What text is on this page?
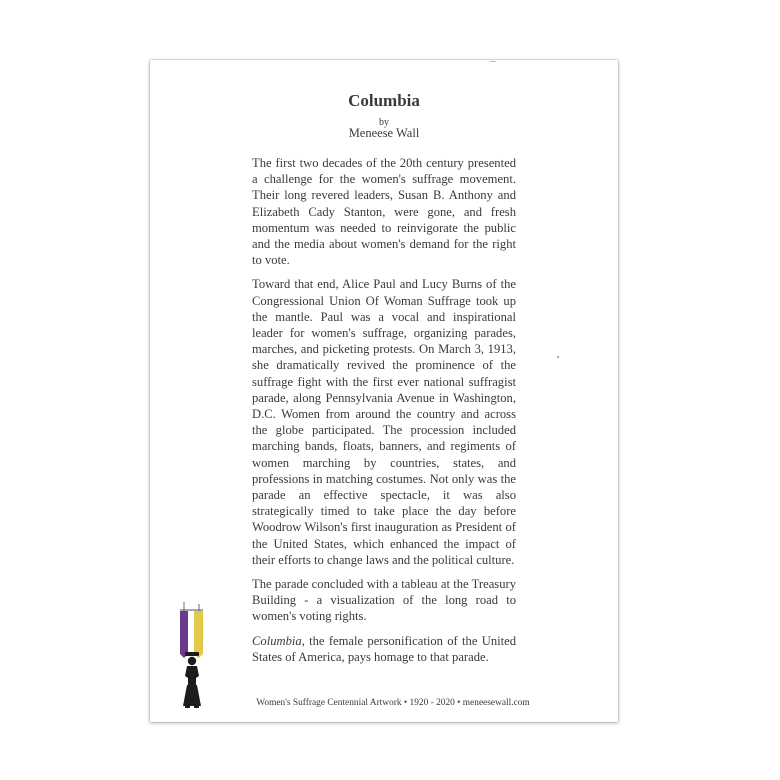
Columbia
by
Meneese Wall

The first two decades of the 20th century presented a challenge for the women's suffrage movement. Their long revered leaders, Susan B. Anthony and Elizabeth Cady Stanton, were gone, and fresh momentum was needed to reinvigorate the public and the media about women's demand for the right to vote.

Toward that end, Alice Paul and Lucy Burns of the Congressional Union Of Woman Suffrage took up the mantle. Paul was a vocal and inspirational leader for women's suffrage, organizing parades, marches, and picketing protests. On March 3, 1913, she dramatically revived the prominence of the suffrage fight with the first ever national suffragist parade, along Pennsylvania Avenue in Washington, D.C. Women from around the country and across the globe participated. The procession included marching bands, floats, banners, and regiments of women marching by countries, states, and professions in matching costumes. Not only was the parade an effective spectacle, it was also strategically timed to take place the day before Woodrow Wilson's first inauguration as President of the United States, which enhanced the impact of their efforts to change laws and the political culture.

The parade concluded with a tableau at the Treasury Building - a visualization of the long road to women's voting rights.

Columbia, the female personification of the United States of America, pays homage to that parade.

Women's Suffrage Centennial Artwork • 1920 - 2020 • meneesewall.com
